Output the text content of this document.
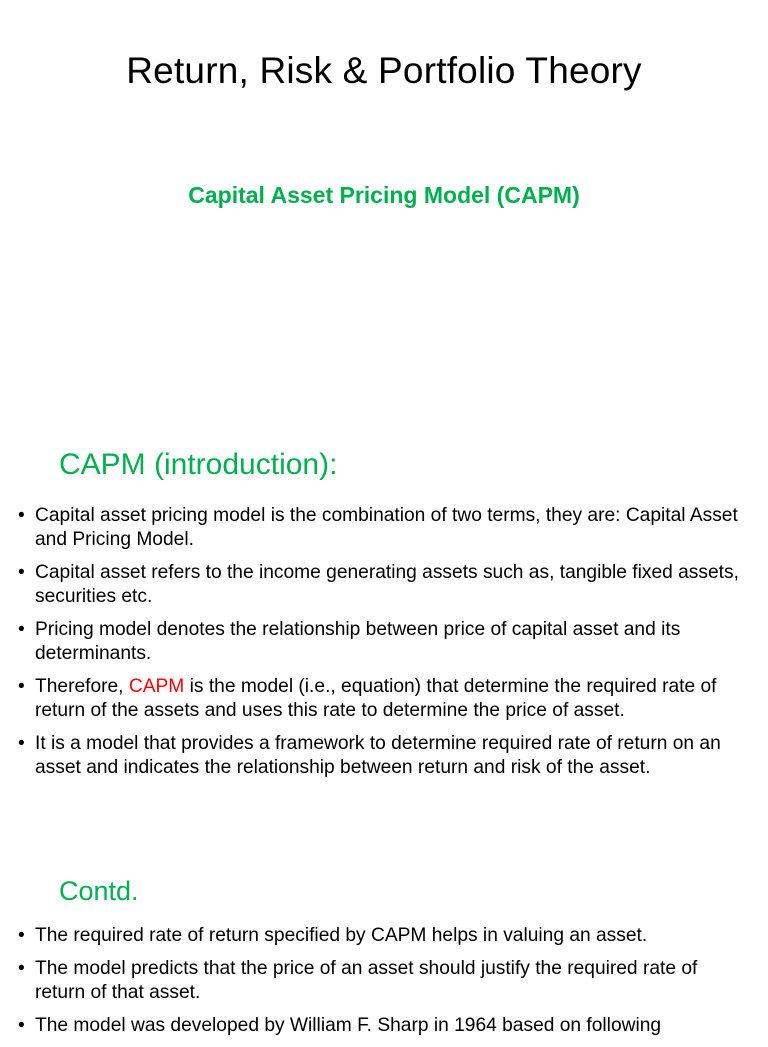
Return, Risk & Portfolio Theory
Capital Asset Pricing Model (CAPM)
CAPM (introduction):
• Capital asset pricing model is the combination of two terms, they are: Capital Asset and Pricing Model.
• Capital asset refers to the income generating assets such as, tangible fixed assets, securities etc.
• Pricing model denotes the relationship between price of capital asset and its determinants.
• Therefore, CAPM is the model (i.e., equation) that determine the required rate of return of the assets and uses this rate to determine the price of asset.
• It is a model that provides a framework to determine required rate of return on an asset and indicates the relationship between return and risk of the asset.
Contd.
• The required rate of return specified by CAPM helps in valuing an asset.
• The model predicts that the price of an asset should justify the required rate of return of that asset.
• The model was developed by William F. Sharp in 1964 based on following
